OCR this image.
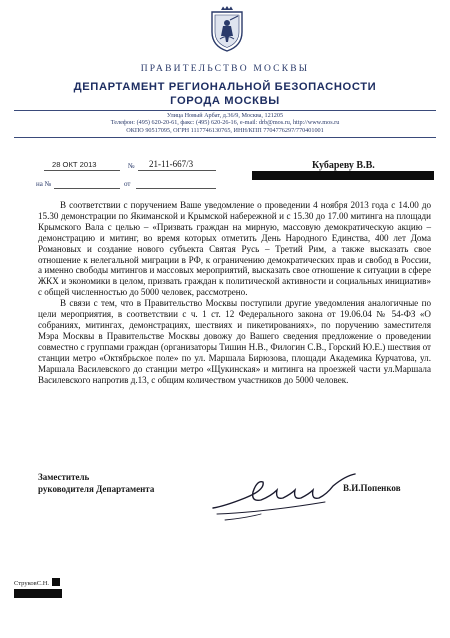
ПРАВИТЕЛЬСТВО МОСКВЫ
ДЕПАРТАМЕНТ РЕГИОНАЛЬНОЙ БЕЗОПАСНОСТИ
ГОРОДА МОСКВЫ
Улица Новый Арбат, д.36/9, Москва, 121205
Телефон: (495) 620-20-61, факс: (495) 620-26-16, e-mail: drb@mos.ru, http://www.mos.ru
ОКПО 90517095, ОГРН 1117746130765, ИНН/КПП 7704776297/770401001
28 ОКТ 2013	№ 21-11-667/3
на №	от
Кубареву В.В.

В соответствии с поручением Ваше уведомление о проведении 4 ноября 2013 года с 14.00 до 15.30 демонстрации по Якиманской и Крымской набережной и с 15.30 до 17.00 митинга на площади Крымского Вала с целью – «Призвать граждан на мирную, массовую демократическую акцию – демонстрацию и митинг, во время которых отметить День Народного Единства, 400 лет Дома Романовых и создание нового субъекта Святая Русь – Третий Рим, а также высказать свое отношение к нелегальной миграции в РФ, к ограничению демократических прав и свобод в России, а именно свободы митингов и массовых мероприятий, высказать свое отношение к ситуации в сфере ЖКХ и экономики в целом, призвать граждан к политической активности и социальных инициатив» с общей численностью до 5000 человек, рассмотрено.

В связи с тем, что в Правительство Москвы поступили другие уведомления аналогичные по цели мероприятия, в соответствии с ч. 1 ст. 12 Федерального закона от 19.06.04 № 54-ФЗ «О собраниях, митингах, демонстрациях, шествиях и пикетированиях», по поручению заместителя Мэра Москвы в Правительстве Москвы довожу до Вашего сведения предложение о проведении совместно с группами граждан (организаторы Тишин Н.В., Филогин С.В., Горский Ю.Е.) шествия от станции метро «Октябрьское поле» по ул. Маршала Бирюзова, площади Академика Курчатова, ул. Маршала Василевского до станции метро «Щукинская» и митинга на проезжей части ул.Маршала Василевского напротив д.13, с общим количеством участников до 5000 человек.

Заместитель
руководителя Департамента	В.И.Попенков
СтруковС.Н.
